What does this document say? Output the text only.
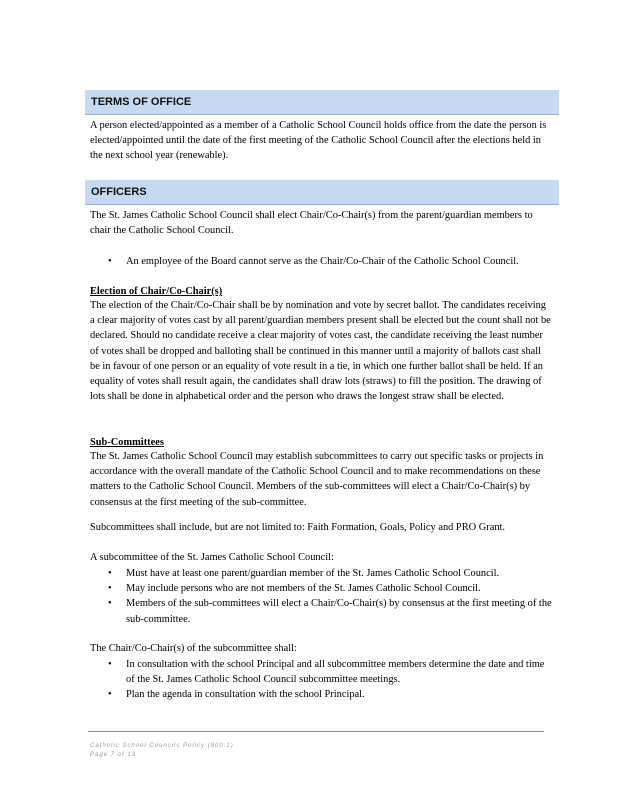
TERMS OF OFFICE

A person elected/appointed as a member of a Catholic School Council holds office from the date the person is elected/appointed until the date of the first meeting of the Catholic School Council after the elections held in the next school year (renewable).

OFFICERS

The St. James Catholic School Council shall elect Chair/Co-Chair(s) from the parent/guardian members to chair the Catholic School Council.

• An employee of the Board cannot serve as the Chair/Co-Chair of the Catholic School Council.

Election of Chair/Co-Chair(s)

The election of the Chair/Co-Chair shall be by nomination and vote by secret ballot. The candidates receiving a clear majority of votes cast by all parent/guardian members present shall be elected but the count shall not be declared. Should no candidate receive a clear majority of votes cast, the candidate receiving the least number of votes shall be dropped and balloting shall be continued in this manner until a majority of ballots cast shall be in favour of one person or an equality of vote result in a tie, in which one further ballot shall be held. If an equality of votes shall result again, the candidates shall draw lots (straws) to fill the position. The drawing of lots shall be done in alphabetical order and the person who draws the longest straw shall be elected.

Sub-Committees

The St. James Catholic School Council may establish subcommittees to carry out specific tasks or projects in accordance with the overall mandate of the Catholic School Council and to make recommendations on these matters to the Catholic School Council. Members of the sub-committees will elect a Chair/Co-Chair(s) by consensus at the first meeting of the sub-committee.

Subcommittees shall include, but are not limited to: Faith Formation, Goals, Policy and PRO Grant.

A subcommittee of the St. James Catholic School Council:

• Must have at least one parent/guardian member of the St. James Catholic School Council.
• May include persons who are not members of the St. James Catholic School Council.
• Members of the sub-committees will elect a Chair/Co-Chair(s) by consensus at the first meeting of the sub-committee.

The Chair/Co-Chair(s) of the subcommittee shall:

• In consultation with the school Principal and all subcommittee members determine the date and time of the St. James Catholic School Council subcommittee meetings.
• Plan the agenda in consultation with the school Principal.

Catholic School Councils Policy (800.1)

Page 7 of 13
